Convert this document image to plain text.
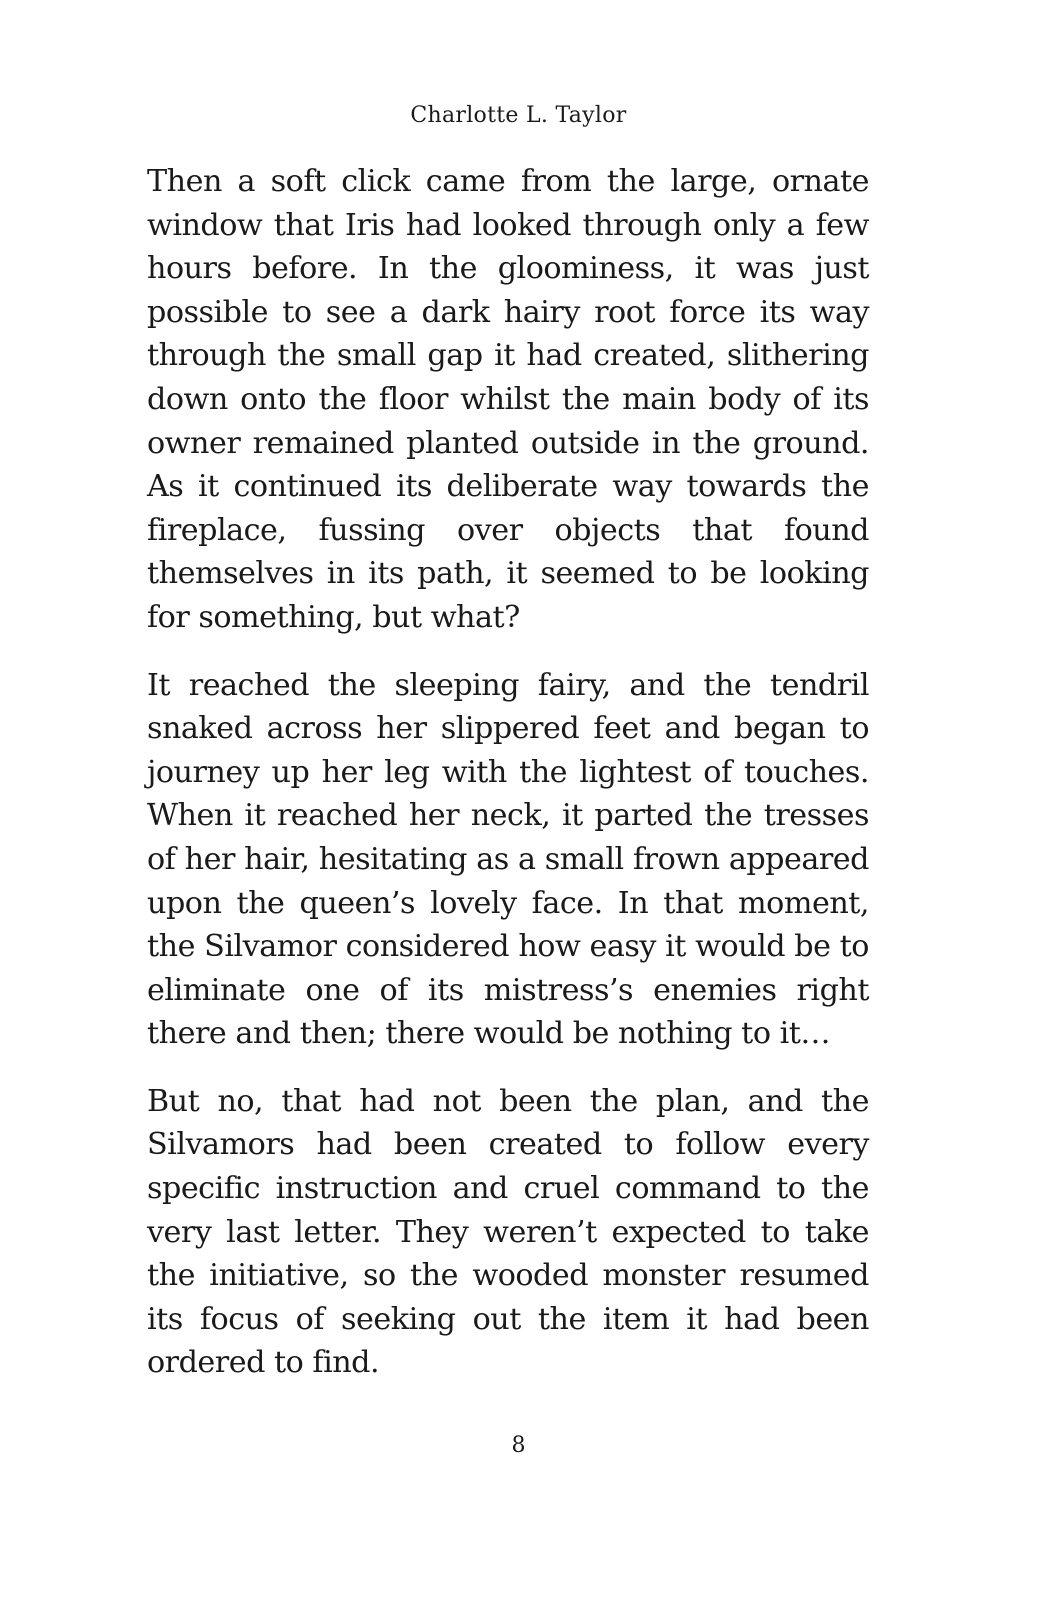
Charlotte L. Taylor

Then a soft click came from the large, ornate window that Iris had looked through only a few hours before. In the gloominess, it was just possible to see a dark hairy root force its way through the small gap it had created, slithering down onto the floor whilst the main body of its owner remained planted outside in the ground. As it continued its deliberate way towards the fireplace, fussing over objects that found themselves in its path, it seemed to be looking for something, but what?

It reached the sleeping fairy, and the tendril snaked across her slippered feet and began to journey up her leg with the lightest of touches. When it reached her neck, it parted the tresses of her hair, hesitating as a small frown appeared upon the queen’s lovely face. In that moment, the Silvamor considered how easy it would be to eliminate one of its mistress’s enemies right there and then; there would be nothing to it…

But no, that had not been the plan, and the Silvamors had been created to follow every specific instruction and cruel command to the very last letter. They weren’t expected to take the initiative, so the wooded monster resumed its focus of seeking out the item it had been ordered to find.

8
